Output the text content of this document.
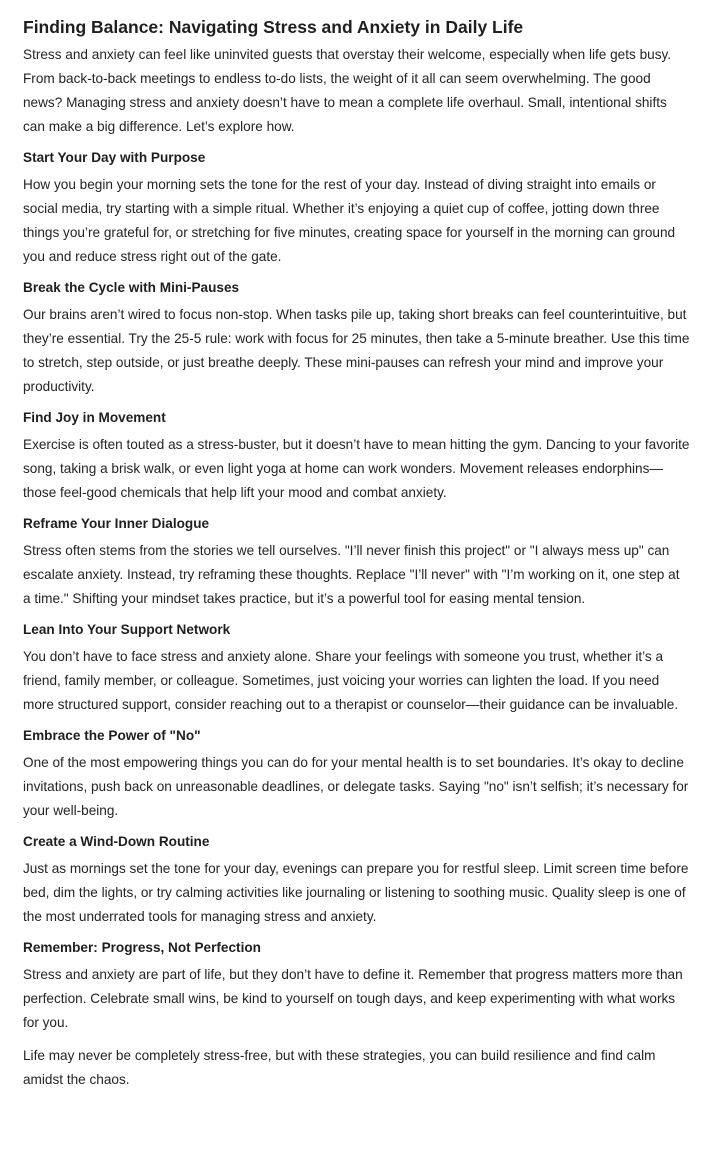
Finding Balance: Navigating Stress and Anxiety in Daily Life
Stress and anxiety can feel like uninvited guests that overstay their welcome, especially when life gets busy. From back-to-back meetings to endless to-do lists, the weight of it all can seem overwhelming. The good news? Managing stress and anxiety doesn’t have to mean a complete life overhaul. Small, intentional shifts can make a big difference. Let’s explore how.
Start Your Day with Purpose
How you begin your morning sets the tone for the rest of your day. Instead of diving straight into emails or social media, try starting with a simple ritual. Whether it’s enjoying a quiet cup of coffee, jotting down three things you’re grateful for, or stretching for five minutes, creating space for yourself in the morning can ground you and reduce stress right out of the gate.
Break the Cycle with Mini-Pauses
Our brains aren’t wired to focus non-stop. When tasks pile up, taking short breaks can feel counterintuitive, but they’re essential. Try the 25-5 rule: work with focus for 25 minutes, then take a 5-minute breather. Use this time to stretch, step outside, or just breathe deeply. These mini-pauses can refresh your mind and improve your productivity.
Find Joy in Movement
Exercise is often touted as a stress-buster, but it doesn’t have to mean hitting the gym. Dancing to your favorite song, taking a brisk walk, or even light yoga at home can work wonders. Movement releases endorphins—those feel-good chemicals that help lift your mood and combat anxiety.
Reframe Your Inner Dialogue
Stress often stems from the stories we tell ourselves. "I’ll never finish this project" or "I always mess up" can escalate anxiety. Instead, try reframing these thoughts. Replace "I’ll never" with "I’m working on it, one step at a time." Shifting your mindset takes practice, but it’s a powerful tool for easing mental tension.
Lean Into Your Support Network
You don’t have to face stress and anxiety alone. Share your feelings with someone you trust, whether it’s a friend, family member, or colleague. Sometimes, just voicing your worries can lighten the load. If you need more structured support, consider reaching out to a therapist or counselor—their guidance can be invaluable.
Embrace the Power of "No"
One of the most empowering things you can do for your mental health is to set boundaries. It’s okay to decline invitations, push back on unreasonable deadlines, or delegate tasks. Saying "no" isn’t selfish; it’s necessary for your well-being.
Create a Wind-Down Routine
Just as mornings set the tone for your day, evenings can prepare you for restful sleep. Limit screen time before bed, dim the lights, or try calming activities like journaling or listening to soothing music. Quality sleep is one of the most underrated tools for managing stress and anxiety.
Remember: Progress, Not Perfection
Stress and anxiety are part of life, but they don’t have to define it. Remember that progress matters more than perfection. Celebrate small wins, be kind to yourself on tough days, and keep experimenting with what works for you.
Life may never be completely stress-free, but with these strategies, you can build resilience and find calm amidst the chaos.
